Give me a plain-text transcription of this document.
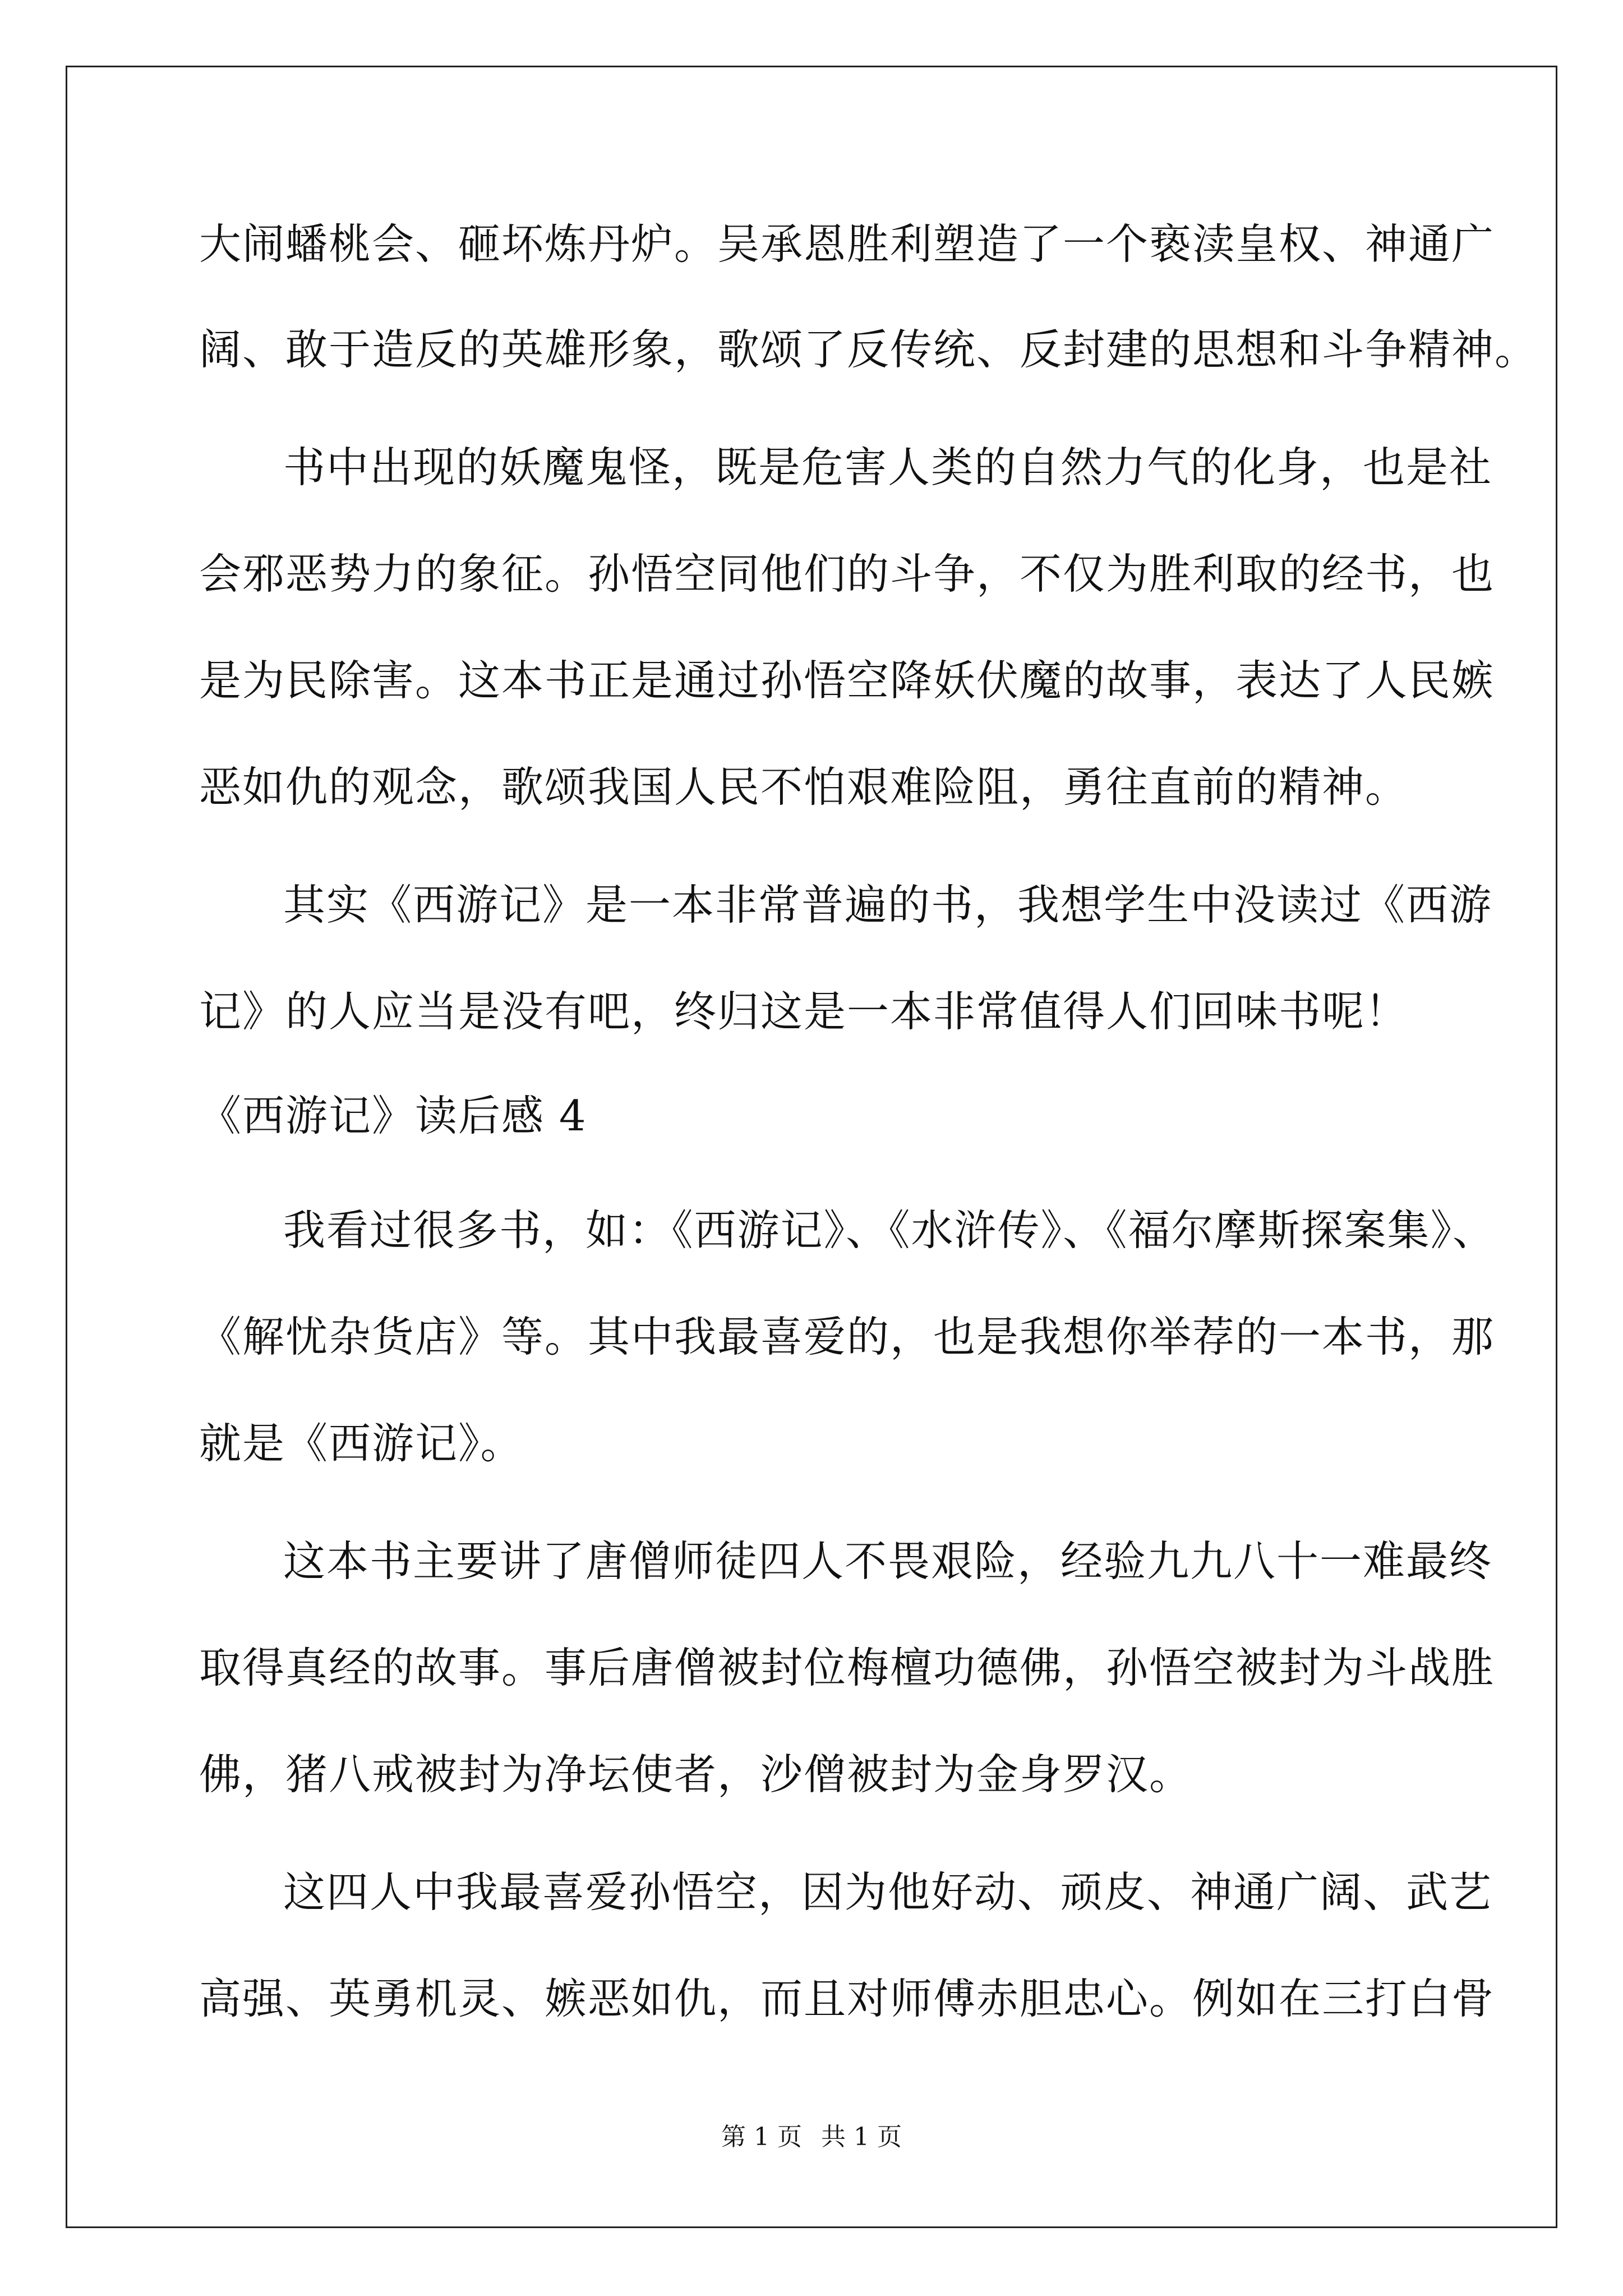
大闹蟠桃会、砸坏炼丹炉。吴承恩胜利塑造了一个亵渎皇权、神通广
阔、敢于造反的英雄形象，歌颂了反传统、反封建的思想和斗争精神。
书中出现的妖魔鬼怪，既是危害人类的自然力气的化身，也是社
会邪恶势力的象征。孙悟空同他们的斗争，不仅为胜利取的经书，也
是为民除害。这本书正是通过孙悟空降妖伏魔的故事，表达了人民嫉
恶如仇的观念，歌颂我国人民不怕艰难险阻，勇往直前的精神。
其实《西游记》是一本非常普遍的书，我想学生中没读过《西游
记》的人应当是没有吧，终归这是一本非常值得人们回味书呢！
《西游记》读后感 4
我看过很多书，如：《西游记》、《水浒传》、《福尔摩斯探案集》、
《解忧杂货店》等。其中我最喜爱的，也是我想你举荐的一本书，那
就是《西游记》。
这本书主要讲了唐僧师徒四人不畏艰险，经验九九八十一难最终
取得真经的故事。事后唐僧被封位梅檀功德佛，孙悟空被封为斗战胜
佛，猪八戒被封为净坛使者，沙僧被封为金身罗汉。
这四人中我最喜爱孙悟空，因为他好动、顽皮、神通广阔、武艺
高强、英勇机灵、嫉恶如仇，而且对师傅赤胆忠心。例如在三打白骨
第 1 页 共 1 页
